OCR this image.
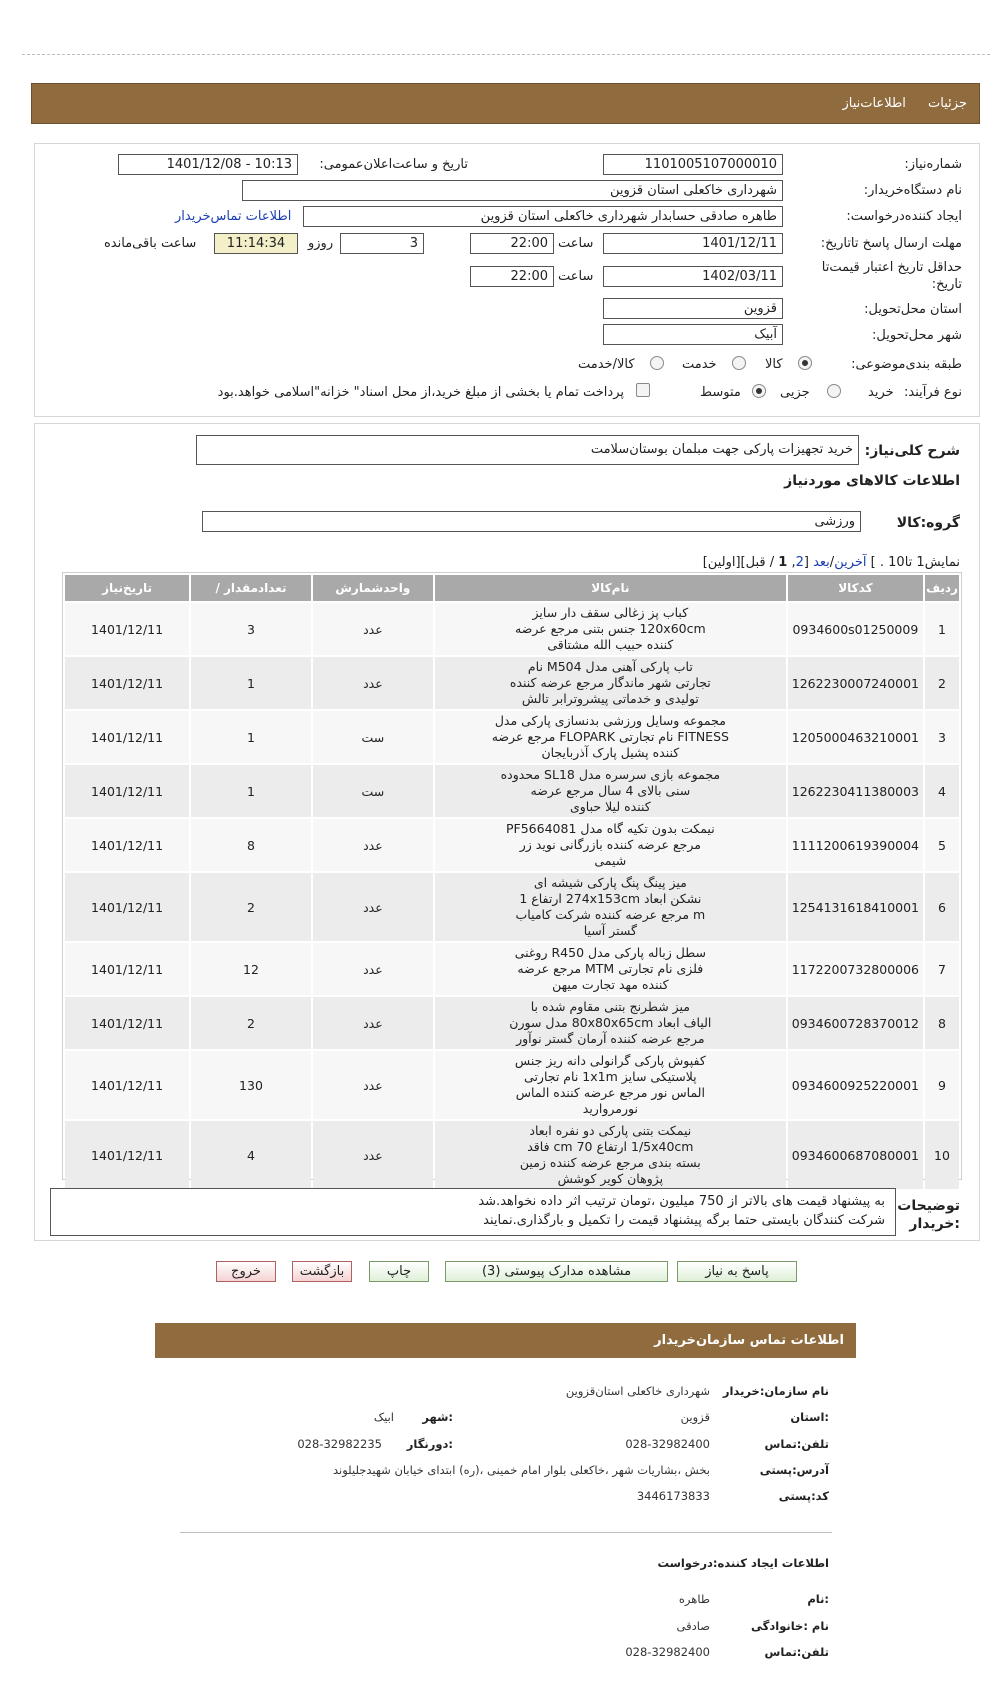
جزئیات اطلاعات‌نیاز
شماره‌نیاز:
1101005107000010
تاریخ و ساعت‌اعلان‌عمومی:
1401/12/08 - 10:13
نام دستگاه‌خریدار:
شهرداری خاکعلی استان قزوین
ایجاد کننده‌درخواست:
طاهره صادقی حسابدار شهرداری خاکعلی استان قزوین
اطلاعات تماس‌خریدار
مهلت ارسال پاسخ تا‌تاریخ:
1401/12/11
ساعت
22:00
3
روزو
11:14:34
ساعت باقی‌مانده
حداقل تاریخ اعتبار قیمت‌تا
تاریخ:
1402/03/11
ساعت
22:00
استان محل‌تحویل:
قزوین
شهر محل‌تحویل:
آبیک
طبقه بندی‌موضوعی:
کالا
خدمت
کالا/خدمت
نوع فرآیند:
خرید
جزیی
متوسط
پرداخت تمام یا بخشی از مبلغ خرید،از محل اسناد" خزانه"اسلامی خواهد.بود
شرح کلی‌نیاز:
خرید تجهیزات پارکی جهت مبلمان بوستان‌سلامت
اطلاعات کالاهای موردنیاز
گروه:کالا
ورزشی
نمایش1 تا10 . ] آخرین/بعد [2, 1 / قبل][اولین]
ردیف	کدکالا	نام‌کالا	واحدشمارش	تعدادمقدار /	تاریخ‌نیاز
1	0934600s01250009	کباب پز زغالی سقف دار سایز
120x60cm جنس بتنی مرجع عرضه
کننده حبیب الله مشتاقی	عدد	3	1401/12/11
2	1262230007240001	تاب پارکی آهنی مدل M504 نام
تجارتی شهر ماندگار مرجع عرضه کننده
تولیدی و خدماتی پیشروترابر تالش	عدد	1	1401/12/11
3	1205000463210001	مجموعه وسایل ورزشی بدنسازی پارکی مدل
FITNESS نام تجارتی FLOPARK مرجع عرضه
کننده پشیل پارک آذربایجان	ست	1	1401/12/11
4	1262230411380003	مجموعه بازی سرسره مدل SL18 محدوده
سنی بالای 4 سال مرجع عرضه
کننده لیلا حباوی	ست	1	1401/12/11
5	1111200619390004	نیمکت بدون تکیه گاه مدل PF5664081
مرجع عرضه کننده بازرگانی نوید زر
شیمی	عدد	8	1401/12/11
6	1254131618410001	میز پینگ پنگ پارکی شیشه ای
نشکن ابعاد 274x153cm ارتفاع 1
m مرجع عرضه کننده شرکت کامیاب
گستر آسیا	عدد	2	1401/12/11
7	1172200732800006	سطل زباله پارکی مدل R450 روغنی
فلزی نام تجارتی MTM مرجع عرضه
کننده مهد تجارت میهن	عدد	12	1401/12/11
8	0934600728370012	میز شطرنج بتنی مقاوم شده با
الیاف ابعاد 80x80x65cm مدل سورن
مرجع عرضه کننده آرمان گستر نوآور	عدد	2	1401/12/11
9	0934600925220001	کفپوش پارکی گرانولی دانه ریز جنس
پلاستیکی سایز 1x1m نام تجارتی
الماس نور مرجع عرضه کننده الماس
نورمروارید	عدد	130	1401/12/11
10	0934600687080001	نیمکت بتنی پارکی دو نفره ابعاد
1/5x40cm ارتفاع 70 cm فاقد
بسته بندی مرجع عرضه کننده زمین
پژوهان کویر کوشش	عدد	4	1401/12/11
توضیحات
:خریدار
به پیشنهاد قیمت های بالاتر از 750 میلیون ،تومان ترتیب اثر داده نخواهد.شد
شرکت کنندگان بایستی حتما برگه پیشنهاد قیمت را تکمیل و بارگذاری.نمایند
پاسخ به نیاز
مشاهده مدارک پیوستی (3)
چاپ
بازگشت
خروج
اطلاعات تماس سازمان‌خریدار
نام سازمان:خریدار
شهرداری خاکعلی استان‌قزوین
:استان
قزوین
:شهر
ابیک
تلفن:تماس
028-32982400
:دورنگار
028-32982235
آدرس:پستی
بخش ،بشاریات شهر ،خاکعلی بلوار امام خمینی ،(ره) ابتدای خیابان شهیدجلیلوند
کد:پستی
3446173833
اطلاعات ایجاد کننده:درخواست
:نام
طاهره
نام :خانوادگی
صادقی
تلفن:تماس
028-32982400
